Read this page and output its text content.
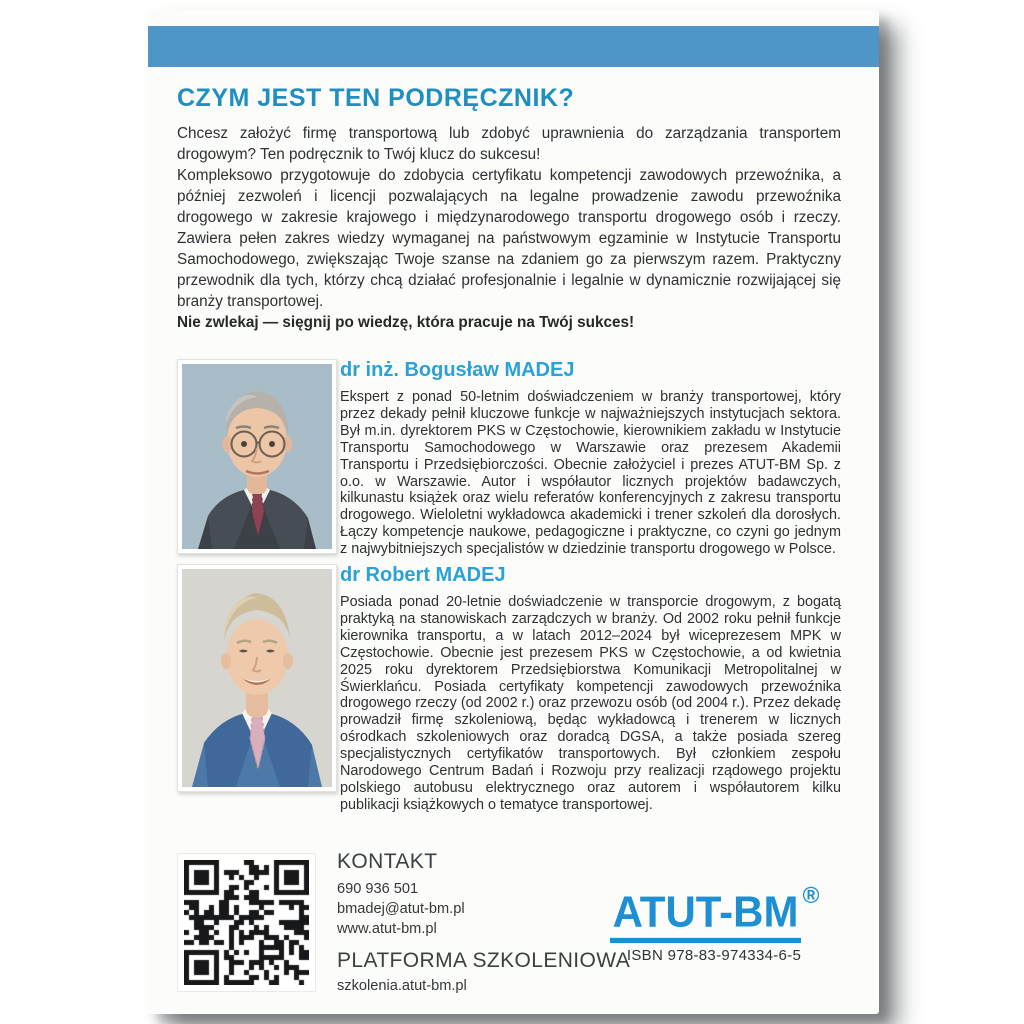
CZYM JEST TEN PODRĘCZNIK?

Chcesz założyć firmę transportową lub zdobyć uprawnienia do zarządzania transportem drogowym? Ten podręcznik to Twój klucz do sukcesu!

Kompleksowo przygotowuje do zdobycia certyfikatu kompetencji zawodowych przewoźnika, a później zezwoleń i licencji pozwalających na legalne prowadzenie zawodu przewoźnika drogowego w zakresie krajowego i międzynarodowego transportu drogowego osób i rzeczy. Zawiera pełen zakres wiedzy wymaganej na państwowym egzaminie w Instytucie Transportu Samochodowego, zwiększając Twoje szanse na zdaniem go za pierwszym razem. Praktyczny przewodnik dla tych, którzy chcą działać profesjonalnie i legalnie w dynamicznie rozwijającej się branży transportowej.

Nie zwlekaj — sięgnij po wiedzę, która pracuje na Twój sukces!

dr inż. Bogusław MADEJ

Ekspert z ponad 50-letnim doświadczeniem w branży transportowej, który przez dekady pełnił kluczowe funkcje w najważniejszych instytucjach sektora. Był m.in. dyrektorem PKS w Częstochowie, kierownikiem zakładu w Instytucie Transportu Samochodowego w Warszawie oraz prezesem Akademii Transportu i Przedsiębiorczości. Obecnie założyciel i prezes ATUT-BM Sp. z o.o. w Warszawie. Autor i współautor licznych projektów badawczych, kilkunastu książek oraz wielu referatów konferencyjnych z zakresu transportu drogowego. Wieloletni wykładowca akademicki i trener szkoleń dla dorosłych. Łączy kompetencje naukowe, pedagogiczne i praktyczne, co czyni go jednym z najwybitniejszych specjalistów w dziedzinie transportu drogowego w Polsce.

dr Robert MADEJ

Posiada ponad 20-letnie doświadczenie w transporcie drogowym, z bogatą praktyką na stanowiskach zarządczych w branży. Od 2002 roku pełnił funkcje kierownika transportu, a w latach 2012–2024 był wiceprezesem MPK w Częstochowie. Obecnie jest prezesem PKS w Częstochowie, a od kwietnia 2025 roku dyrektorem Przedsiębiorstwa Komunikacji Metropolitalnej w Świerklańcu. Posiada certyfikaty kompetencji zawodowych przewoźnika drogowego rzeczy (od 2002 r.) oraz przewozu osób (od 2004 r.). Przez dekadę prowadził firmę szkoleniową, będąc wykładowcą i trenerem w licznych ośrodkach szkoleniowych oraz doradcą DGSA, a także posiada szereg specjalistycznych certyfikatów transportowych. Był członkiem zespołu Narodowego Centrum Badań i Rozwoju przy realizacji rządowego projektu polskiego autobusu elektrycznego oraz autorem i współautorem kilku publikacji książkowych o tematyce transportowej.

KONTAKT
690 936 501
bmadej@atut-bm.pl
www.atut-bm.pl
PLATFORMA SZKOLENIOWA
szkolenia.atut-bm.pl
ATUT-BM ®
ISBN 978-83-974334-6-5
